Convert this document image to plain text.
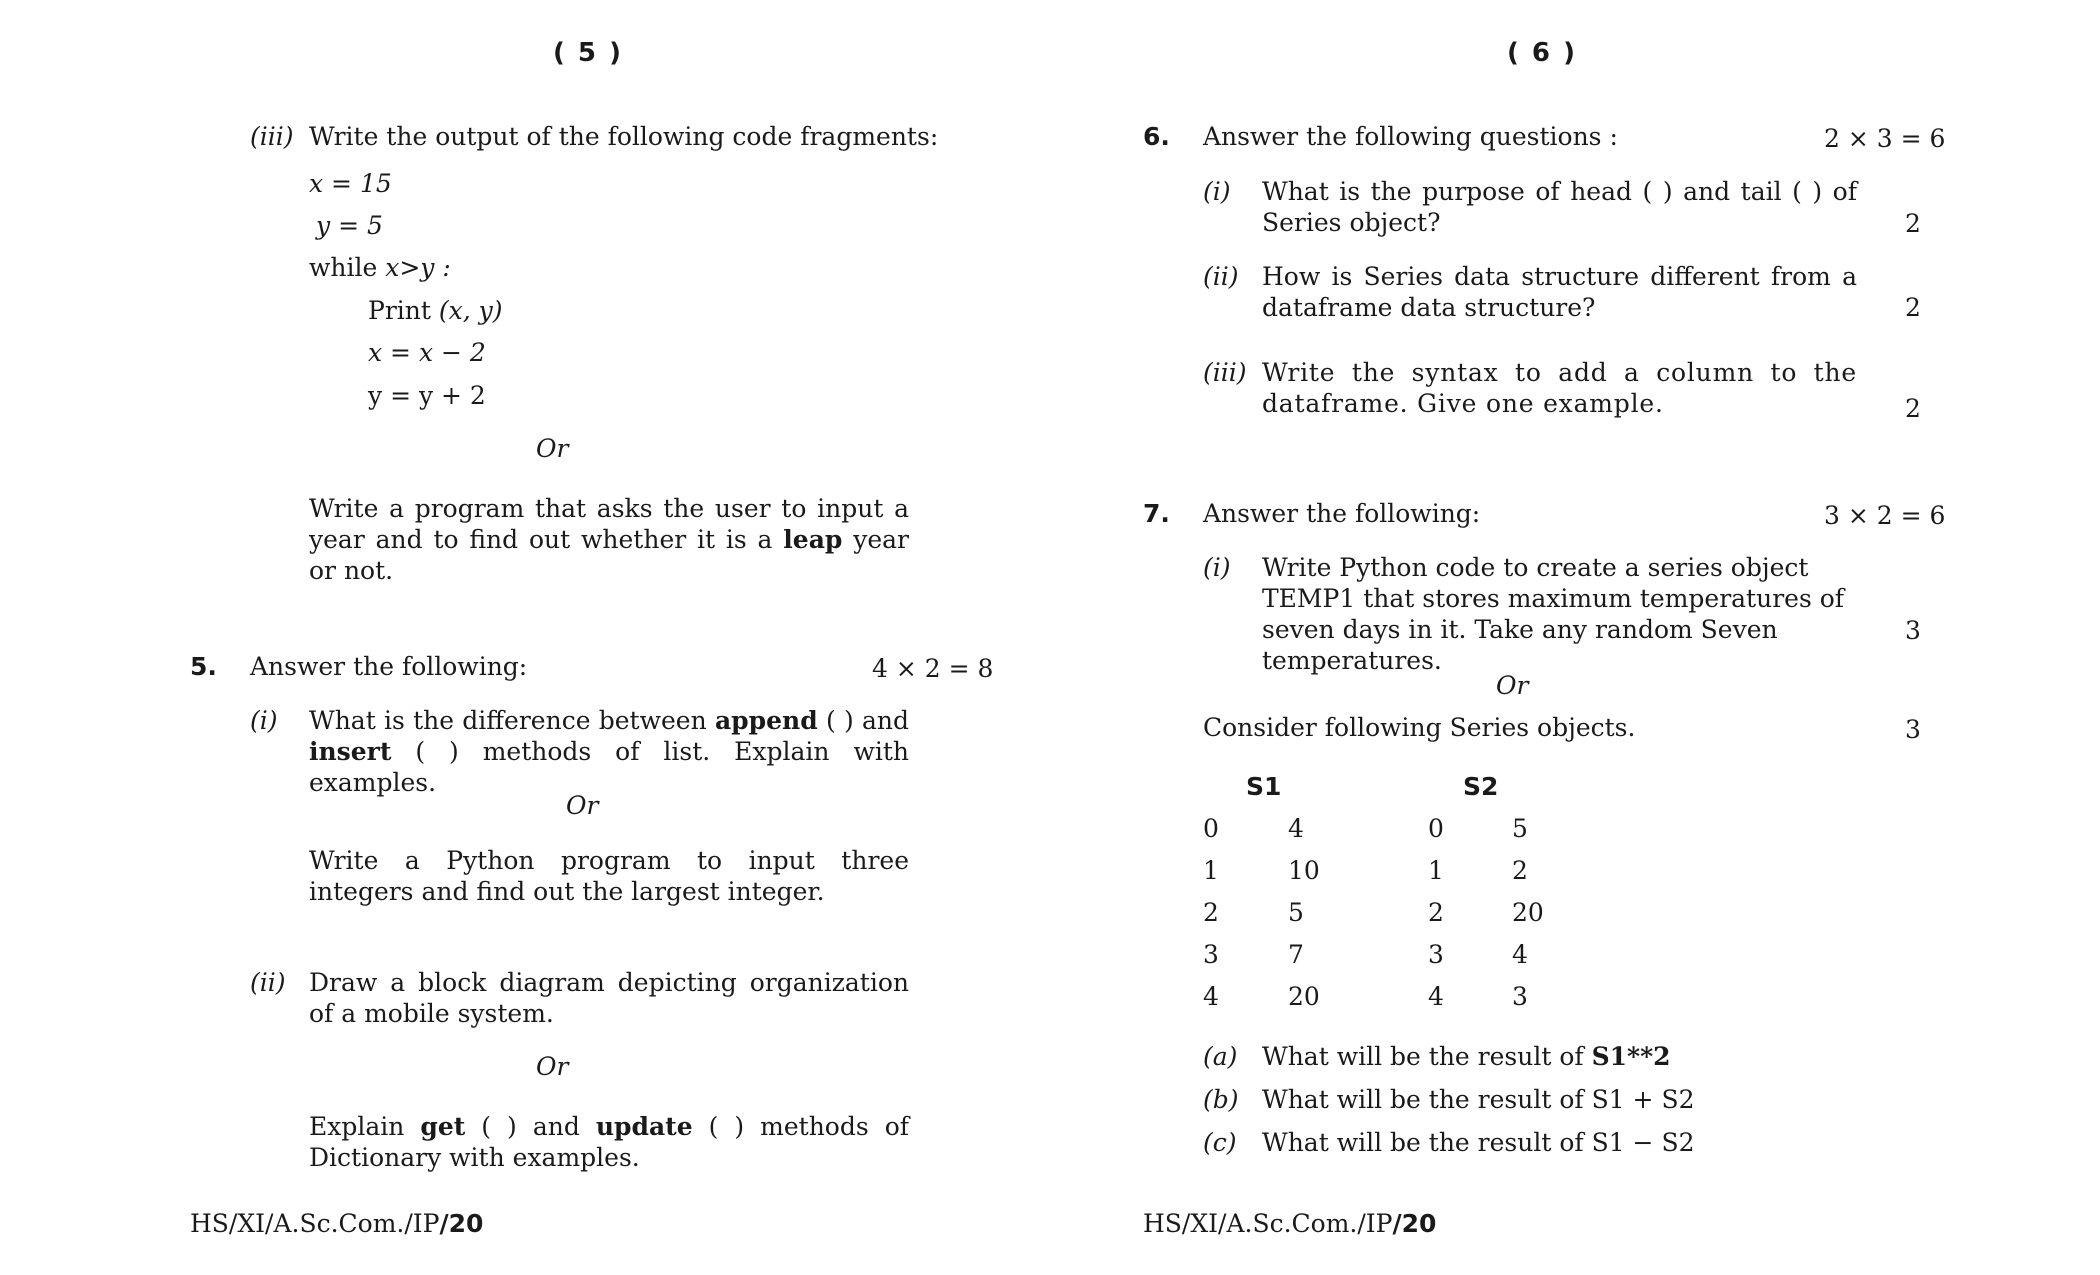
( 5 )
(iii) Write the output of the following code fragments:
x = 15
y = 5
while x>y :
Print (x, y)
x = x − 2
y = y + 2
Or
Write a program that asks the user to input a year and to find out whether it is a leap year or not.
5. Answer the following:	4 × 2 = 8
(i) What is the difference between append ( ) and insert ( ) methods of list. Explain with examples.
Or
Write a Python program to input three integers and find out the largest integer.
(ii) Draw a block diagram depicting organization of a mobile system.
Or
Explain get ( ) and update ( ) methods of Dictionary with examples.
HS/XI/A.Sc.Com./IP/20
( 6 )
6. Answer the following questions :	2 × 3 = 6
(i) What is the purpose of head ( ) and tail ( ) of Series object?	2
(ii) How is Series data structure different from a dataframe data structure?	2
(iii) Write the syntax to add a column to the dataframe. Give one example.	2
7. Answer the following:	3 × 2 = 6
(i) Write Python code to create a series object TEMP1 that stores maximum temperatures of seven days in it. Take any random Seven temperatures.
3
Or
Consider following Series objects.	3
S1
0	4
1	10
2	5
3	7
4	20
S2
0	5
1	2
2	20
3	4
4	3
(a) What will be the result of S1**2
(b) What will be the result of S1 + S2
(c) What will be the result of S1 − S2
HS/XI/A.Sc.Com./IP/20
